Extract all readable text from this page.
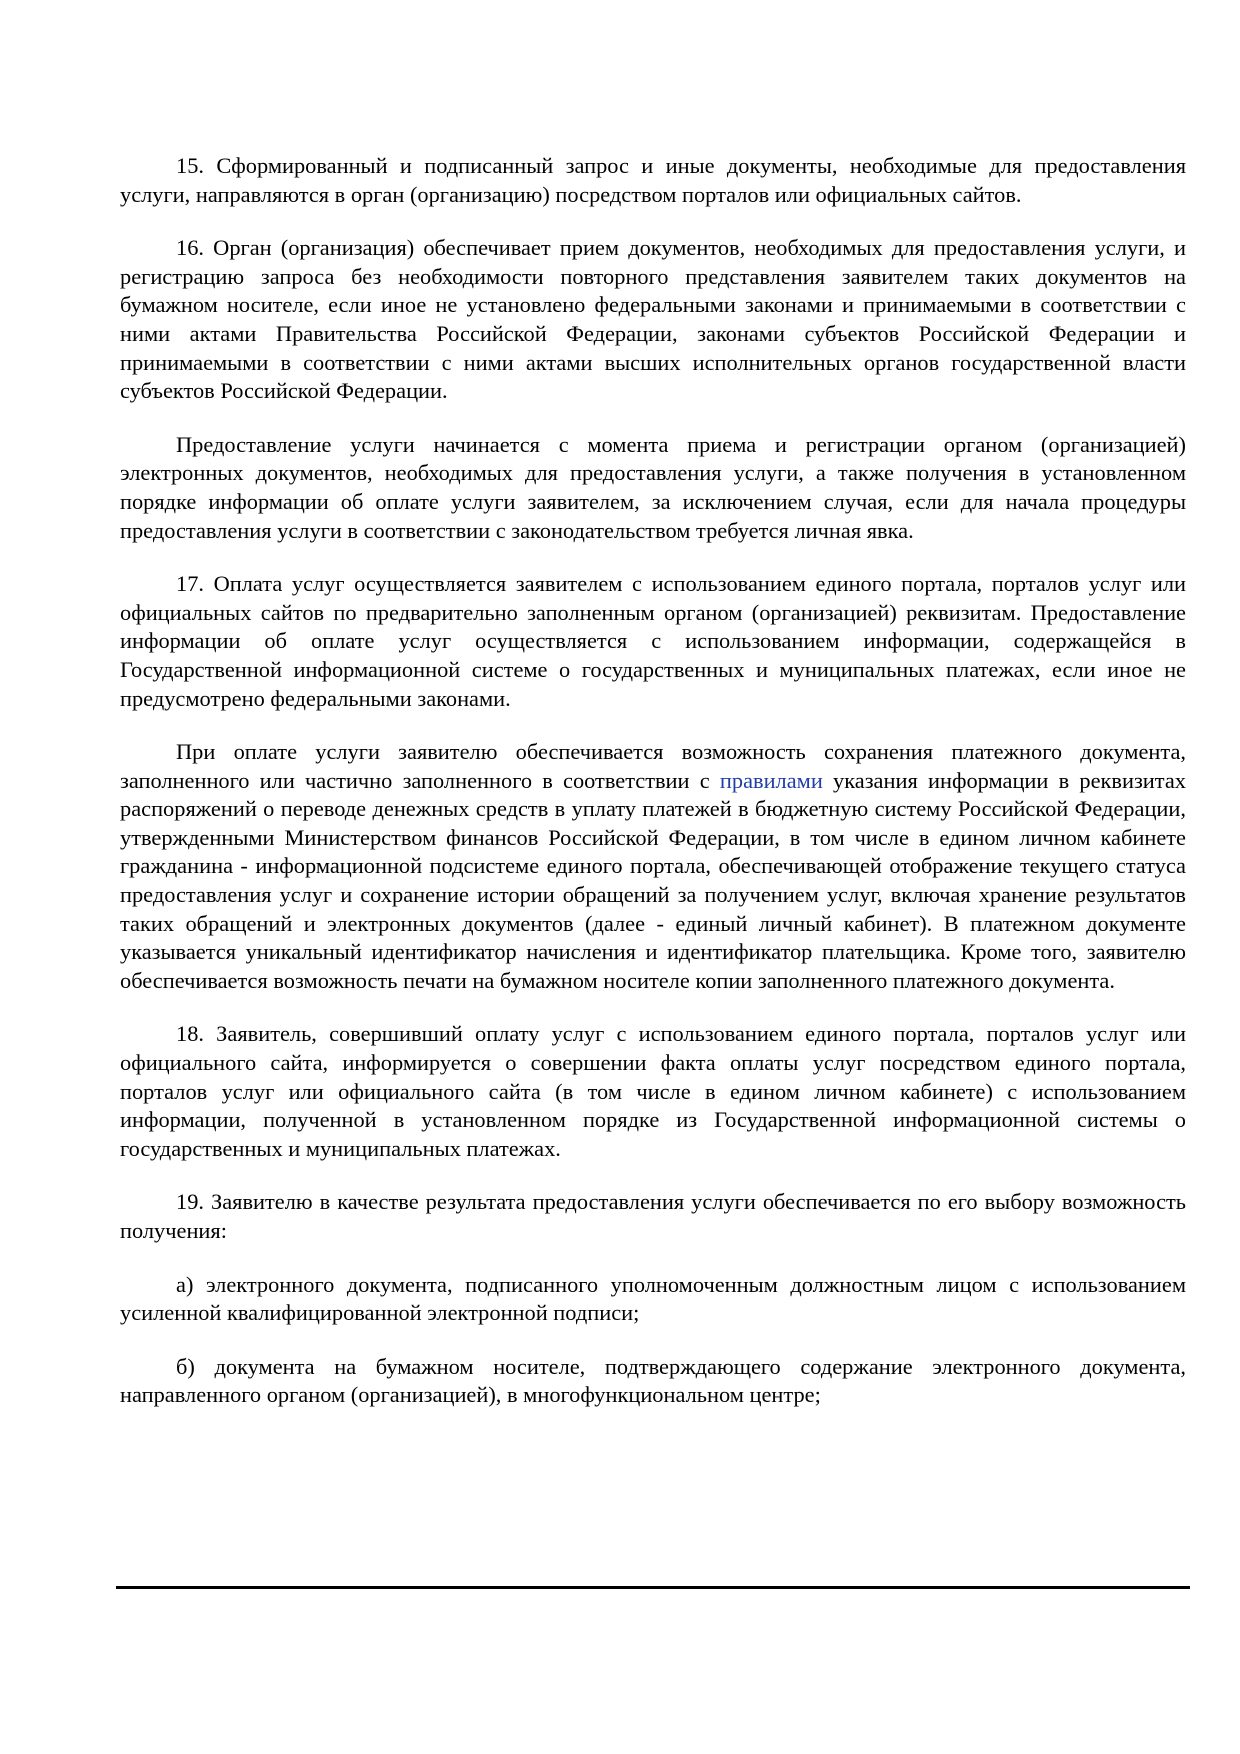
15. Сформированный и подписанный запрос и иные документы, необходимые для предоставления услуги, направляются в орган (организацию) посредством порталов или официальных сайтов.

16. Орган (организация) обеспечивает прием документов, необходимых для предоставления услуги, и регистрацию запроса без необходимости повторного представления заявителем таких документов на бумажном носителе, если иное не установлено федеральными законами и принимаемыми в соответствии с ними актами Правительства Российской Федерации, законами субъектов Российской Федерации и принимаемыми в соответствии с ними актами высших исполнительных органов государственной власти субъектов Российской Федерации.

Предоставление услуги начинается с момента приема и регистрации органом (организацией) электронных документов, необходимых для предоставления услуги, а также получения в установленном порядке информации об оплате услуги заявителем, за исключением случая, если для начала процедуры предоставления услуги в соответствии с законодательством требуется личная явка.

17. Оплата услуг осуществляется заявителем с использованием единого портала, порталов услуг или официальных сайтов по предварительно заполненным органом (организацией) реквизитам. Предоставление информации об оплате услуг осуществляется с использованием информации, содержащейся в Государственной информационной системе о государственных и муниципальных платежах, если иное не предусмотрено федеральными законами.

При оплате услуги заявителю обеспечивается возможность сохранения платежного документа, заполненного или частично заполненного в соответствии с правилами указания информации в реквизитах распоряжений о переводе денежных средств в уплату платежей в бюджетную систему Российской Федерации, утвержденными Министерством финансов Российской Федерации, в том числе в едином личном кабинете гражданина - информационной подсистеме единого портала, обеспечивающей отображение текущего статуса предоставления услуг и сохранение истории обращений за получением услуг, включая хранение результатов таких обращений и электронных документов (далее - единый личный кабинет). В платежном документе указывается уникальный идентификатор начисления и идентификатор плательщика. Кроме того, заявителю обеспечивается возможность печати на бумажном носителе копии заполненного платежного документа.

18. Заявитель, совершивший оплату услуг с использованием единого портала, порталов услуг или официального сайта, информируется о совершении факта оплаты услуг посредством единого портала, порталов услуг или официального сайта (в том числе в едином личном кабинете) с использованием информации, полученной в установленном порядке из Государственной информационной системы о государственных и муниципальных платежах.

19. Заявителю в качестве результата предоставления услуги обеспечивается по его выбору возможность получения:

а) электронного документа, подписанного уполномоченным должностным лицом с использованием усиленной квалифицированной электронной подписи;

б) документа на бумажном носителе, подтверждающего содержание электронного документа, направленного органом (организацией), в многофункциональном центре;
